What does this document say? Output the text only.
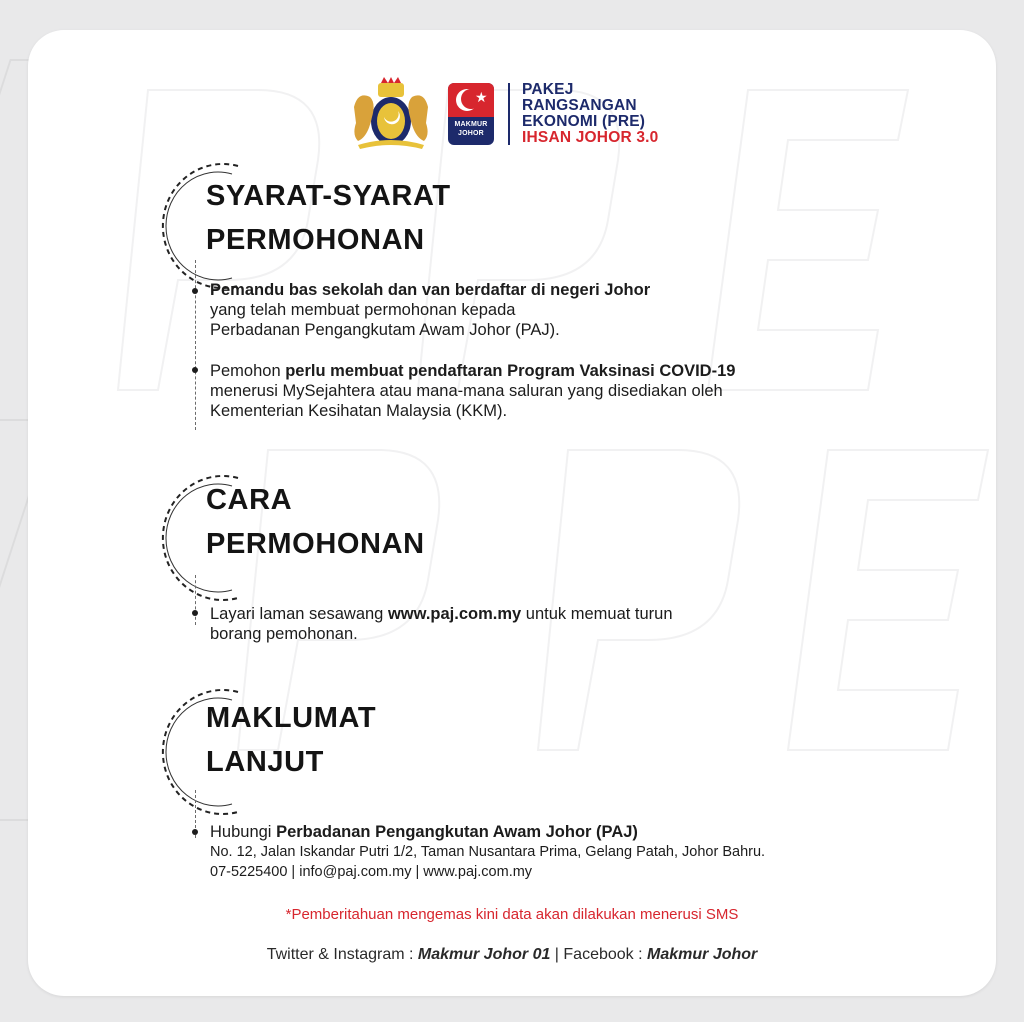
★
MAKMUR
JOHOR
PAKEJ
RANGSANGAN
EKONOMI (PRE)
IHSAN JOHOR 3.0
SYARAT-SYARAT
PERMOHONAN
Pemandu bas sekolah dan van berdaftar di negeri Johor
yang telah membuat permohonan kepada
Perbadanan Pengangkutam Awam Johor (PAJ).
Pemohon perlu membuat pendaftaran Program Vaksinasi COVID-19
menerusi MySejahtera atau mana-mana saluran yang disediakan oleh
Kementerian Kesihatan Malaysia (KKM).
CARA
PERMOHONAN
Layari laman sesawang www.paj.com.my untuk memuat turun
borang pemohonan.
MAKLUMAT
LANJUT
Hubungi Perbadanan Pengangkutan Awam Johor (PAJ)
No. 12, Jalan Iskandar Putri 1/2, Taman Nusantara Prima, Gelang Patah, Johor Bahru.
07-5225400 | info@paj.com.my | www.paj.com.my
*Pemberitahuan mengemas kini data akan dilakukan menerusi SMS
Twitter & Instagram : Makmur Johor 01 | Facebook : Makmur Johor
